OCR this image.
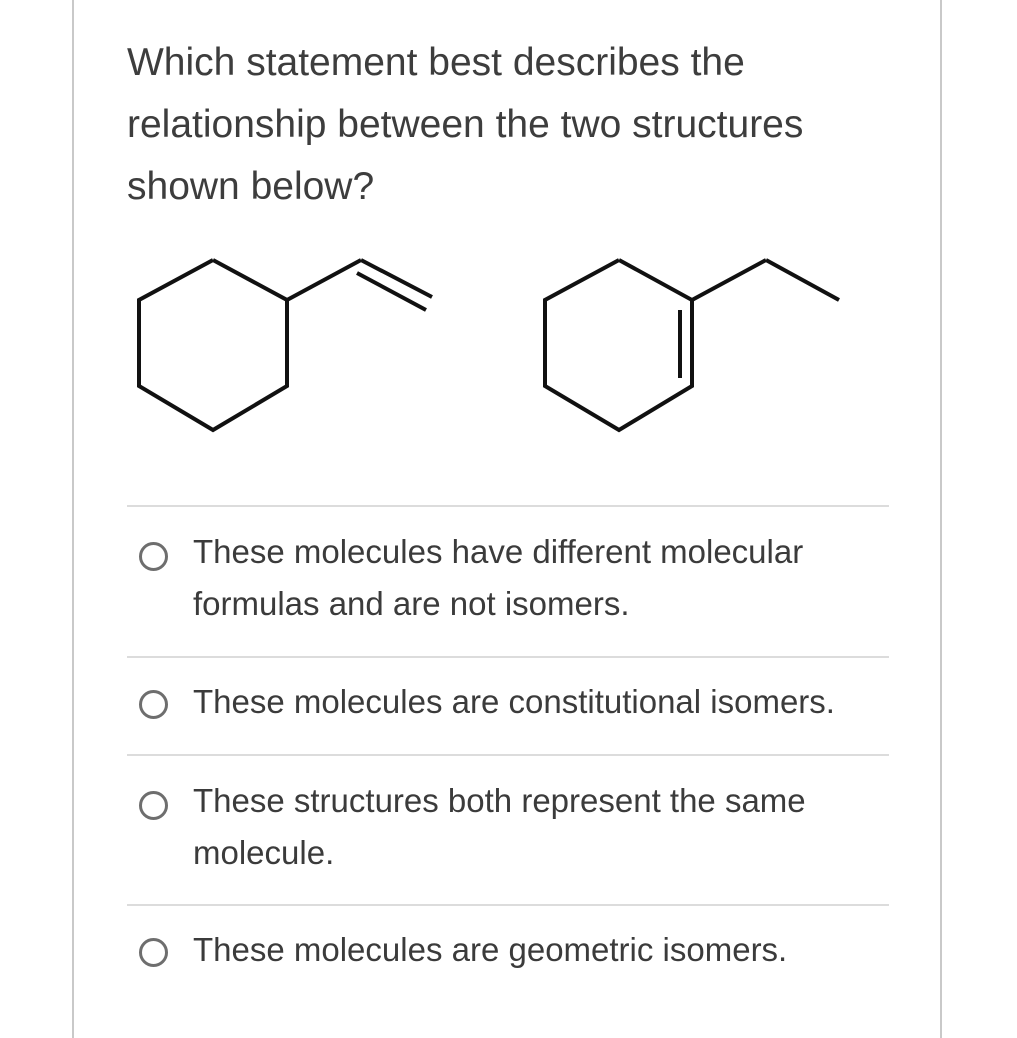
Which statement best describes the
relationship between the two structures
shown below?
These molecules have different molecular
formulas and are not isomers.
These molecules are constitutional isomers.
These structures both represent the same
molecule.
These molecules are geometric isomers.
